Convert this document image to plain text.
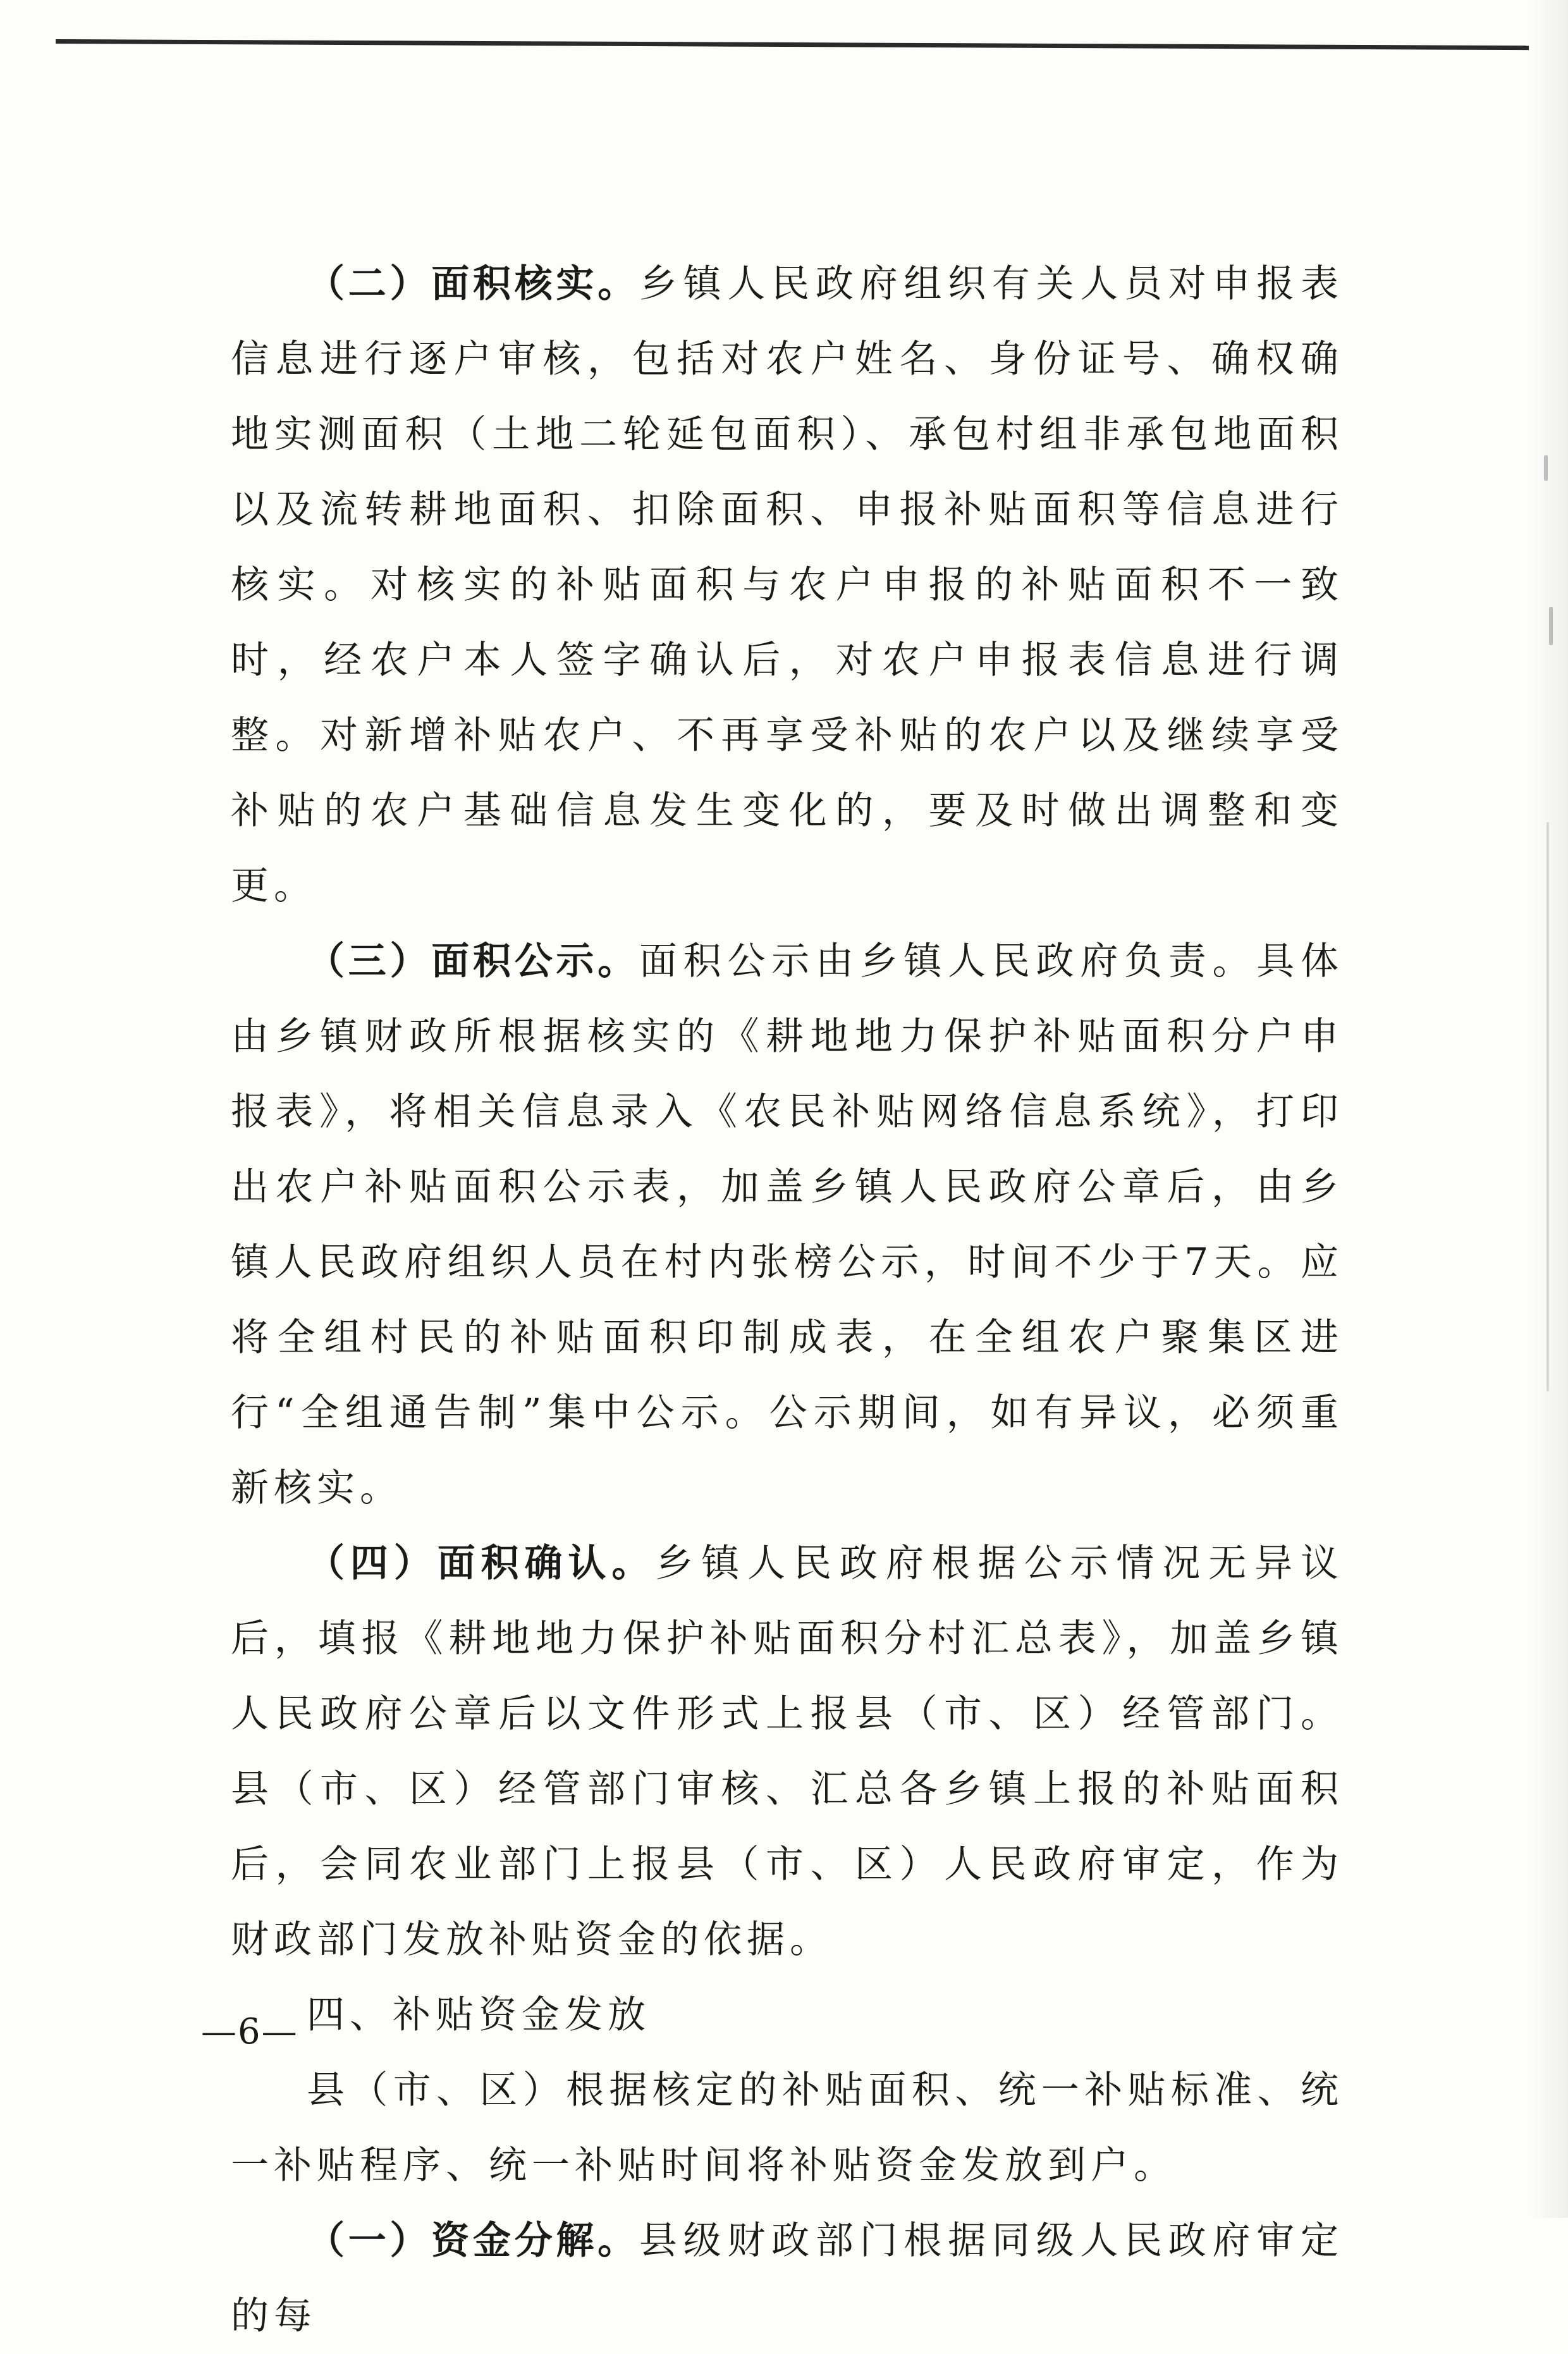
（二）面积核实。乡镇人民政府组织有关人员对申报表信息进行逐户审核，包括对农户姓名、身份证号、确权确地实测面积（土地二轮延包面积）、承包村组非承包地面积以及流转耕地面积、扣除面积、申报补贴面积等信息进行核实。对核实的补贴面积与农户申报的补贴面积不一致时，经农户本人签字确认后，对农户申报表信息进行调整。对新增补贴农户、不再享受补贴的农户以及继续享受补贴的农户基础信息发生变化的，要及时做出调整和变更。

（三）面积公示。面积公示由乡镇人民政府负责。具体由乡镇财政所根据核实的《耕地地力保护补贴面积分户申报表》，将相关信息录入《农民补贴网络信息系统》，打印出农户补贴面积公示表，加盖乡镇人民政府公章后，由乡镇人民政府组织人员在村内张榜公示，时间不少于7天。应将全组村民的补贴面积印制成表，在全组农户聚集区进行“全组通告制”集中公示。公示期间，如有异议，必须重新核实。

（四）面积确认。乡镇人民政府根据公示情况无异议后，填报《耕地地力保护补贴面积分村汇总表》，加盖乡镇人民政府公章后以文件形式上报县（市、区）经管部门。县（市、区）经管部门审核、汇总各乡镇上报的补贴面积后，会同农业部门上报县（市、区）人民政府审定，作为财政部门发放补贴资金的依据。

四、补贴资金发放

县（市、区）根据核定的补贴面积、统一补贴标准、统一补贴程序、统一补贴时间将补贴资金发放到户。

（一）资金分解。县级财政部门根据同级人民政府审定的每

—6—
